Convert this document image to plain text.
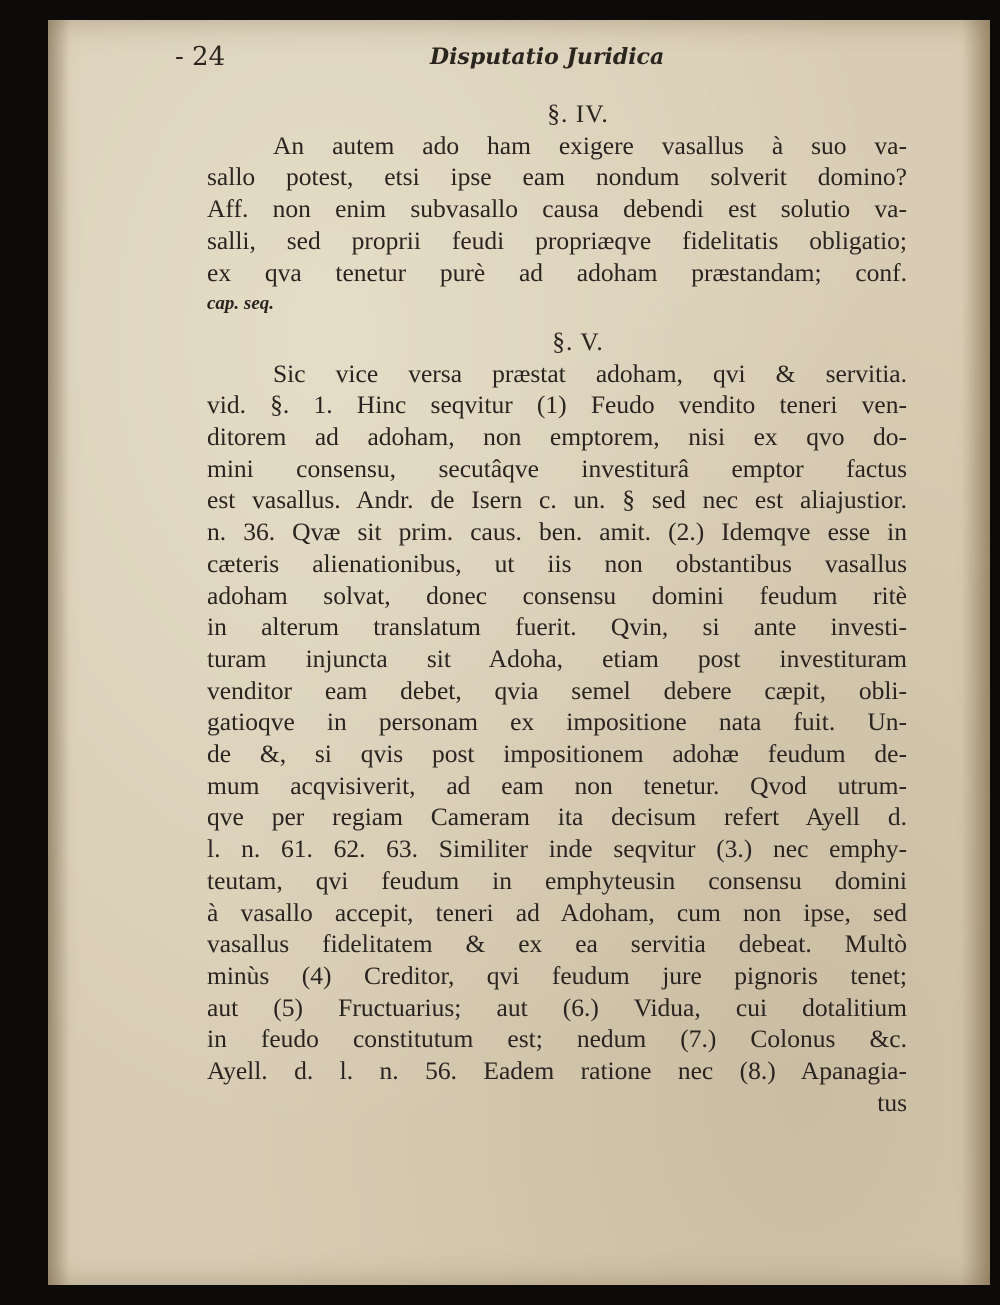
- 24	Disputatio Juridica

§. IV.

An autem ado ham exigere vasallus à suo va-

sallo potest, etsi ipse eam nondum solverit domino?

Aff. non enim subvasallo causa debendi est solutio va-

salli, sed proprii feudi propriæqve fidelitatis obligatio;

ex qva tenetur purè ad adoham præstandam; conf.

cap. seq.

§. V.

Sic vice versa præstat adoham, qvi & servitia.

vid. §. 1. Hinc seqvitur (1) Feudo vendito teneri ven-

ditorem ad adoham, non emptorem, nisi ex qvo do-

mini consensu, secutâqve investiturâ emptor factus

est vasallus. Andr. de Isern c. un. § sed nec est aliajustior.

n. 36. Qvæ sit prim. caus. ben. amit. (2.) Idemqve esse in

cæteris alienationibus, ut iis non obstantibus vasallus

adoham solvat, donec consensu domini feudum ritè

in alterum translatum fuerit. Qvin, si ante investi-

turam injuncta sit Adoha, etiam post investituram

venditor eam debet, qvia semel debere cæpit, obli-

gatioqve in personam ex impositione nata fuit. Un-

de &, si qvis post impositionem adohæ feudum de-

mum acqvisiverit, ad eam non tenetur. Qvod utrum-

qve per regiam Cameram ita decisum refert Ayell d.

l. n. 61. 62. 63. Similiter inde seqvitur (3.) nec emphy-

teutam, qvi feudum in emphyteusin consensu domini

à vasallo accepit, teneri ad Adoham, cum non ipse, sed

vasallus fidelitatem & ex ea servitia debeat. Multò

minùs (4) Creditor, qvi feudum jure pignoris tenet;

aut (5) Fructuarius; aut (6.) Vidua, cui dotalitium

in feudo constitutum est; nedum (7.) Colonus &c.

Ayell. d. l. n. 56. Eadem ratione nec (8.) Apanagia-

tus
